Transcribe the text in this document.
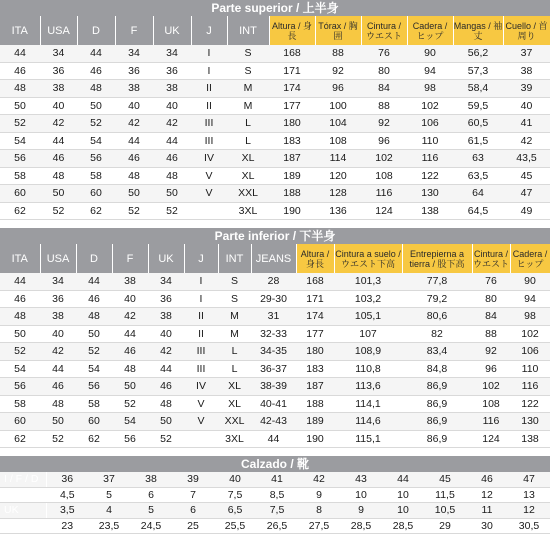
Parte superior / 上半身												
ITA	USA	D	F	UK	J	INT	Altura / 身長	Tórax / 胸囲	Cintura / ウエスト	Cadera / ヒップ	Mangas / 袖丈	Cuello / 首周り
44	34	44	34	34	I	S	168	88	76	90	56,2	37
46	36	46	36	36	I	S	171	92	80	94	57,3	38
48	38	48	38	38	II	M	174	96	84	98	58,4	39
50	40	50	40	40	II	M	177	100	88	102	59,5	40
52	42	52	42	42	III	L	180	104	92	106	60,5	41
54	44	54	44	44	III	L	183	108	96	110	61,5	42
56	46	56	46	46	IV	XL	187	114	102	116	63	43,5
58	48	58	48	48	V	XL	189	120	108	122	63,5	45
60	50	60	50	50	V	XXL	188	128	116	130	64	47
62	52	62	52	52		3XL	190	136	124	138	64,5	49
Parte inferior / 下半身												
ITA	USA	D	F	UK	J	INT	JEANS	Altura / 身長	Cintura a suelo / ウエスト下高	Entrepierna a tierra / 股下高	Cintura / ウエスト	Cadera / ヒップ
44	34	44	38	34	I	S	28	168	101,3	77,8	76	90
46	36	46	40	36	I	S	29-30	171	103,2	79,2	80	94
48	38	48	42	38	II	M	31	174	105,1	80,6	84	98
50	40	50	44	40	II	M	32-33	177	107	82	88	102
52	42	52	46	42	III	L	34-35	180	108,9	83,4	92	106
54	44	54	48	44	III	L	36-37	183	110,8	84,8	96	110
56	46	56	50	46	IV	XL	38-39	187	113,6	86,9	102	116
58	48	58	52	48	V	XL	40-41	188	114,1	86,9	108	122
60	50	60	54	50	V	XXL	42-43	189	114,6	86,9	116	130
62	52	62	56	52		3XL	44	190	115,1	86,9	124	138
Calzado / 靴												
I / F / D	36	37	38	39	40	41	42	43	44	45	46	47
USA	4,5	5	6	7	7,5	8,5	9	10	10	11,5	12	13
UK	3,5	4	5	6	6,5	7,5	8	9	10	10,5	11	12
J	23	23,5	24,5	25	25,5	26,5	27,5	28,5	28,5	29	30	30,5
